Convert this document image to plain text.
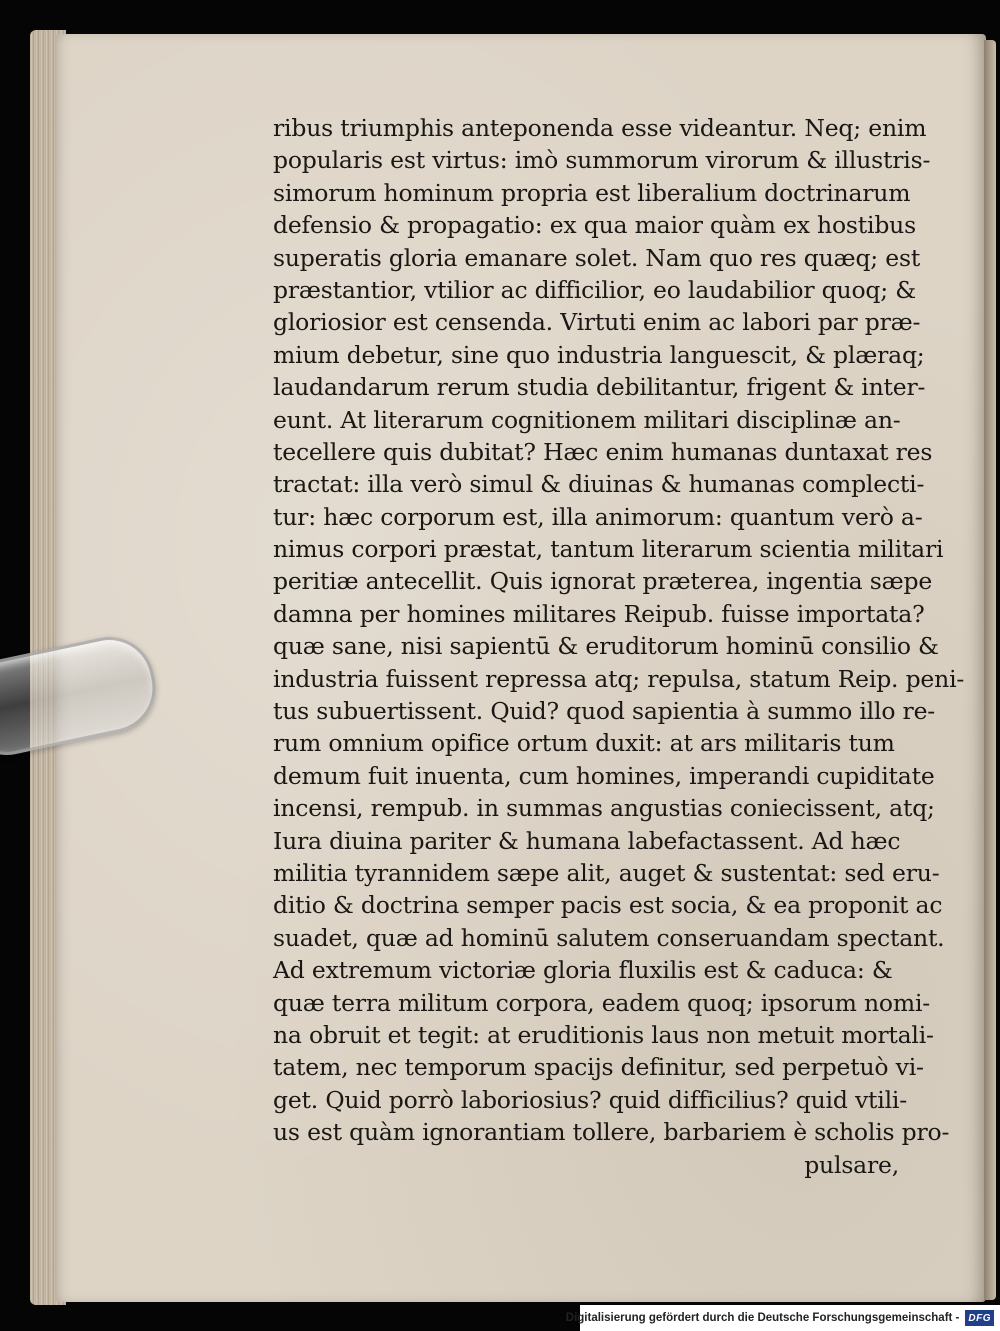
ribus triumphis anteponenda esse videantur. Neq; enim
popularis est virtus: imò summorum virorum & illustris-
simorum hominum propria est liberalium doctrinarum
defensio & propagatio: ex qua maior quàm ex hostibus
superatis gloria emanare solet. Nam quo res quæq; est
præstantior, vtilior ac difficilior, eo laudabilior quoq; &
gloriosior est censenda. Virtuti enim ac labori par præ-
mium debetur, sine quo industria languescit, & plæraq;
laudandarum rerum studia debilitantur, frigent & inter-
eunt. At literarum cognitionem militari disciplinæ an-
tecellere quis dubitat? Hæc enim humanas duntaxat res
tractat: illa verò simul & diuinas & humanas complecti-
tur: hæc corporum est, illa animorum: quantum verò a-
nimus corpori præstat, tantum literarum scientia militari
peritiæ antecellit. Quis ignorat præterea, ingentia sæpe
damna per homines militares Reipub. fuisse importata?
quæ sane, nisi sapientū & eruditorum hominū consilio &
industria fuissent repressa atq; repulsa, statum Reip. peni-
tus subuertissent. Quid? quod sapientia à summo illo re-
rum omnium opifice ortum duxit: at ars militaris tum
demum fuit inuenta, cum homines, imperandi cupiditate
incensi, rempub. in summas angustias coniecissent, atq;
Iura diuina pariter & humana labefactassent. Ad hæc
militia tyrannidem sæpe alit, auget & sustentat: sed eru-
ditio & doctrina semper pacis est socia, & ea proponit ac
suadet, quæ ad hominū salutem conseruandam spectant.
Ad extremum victoriæ gloria fluxilis est & caduca: &
quæ terra militum corpora, eadem quoq; ipsorum nomi-
na obruit et tegit: at eruditionis laus non metuit mortali-
tatem, nec temporum spacijs definitur, sed perpetuò vi-
get. Quid porrò laboriosius? quid difficilius? quid vtili-
us est quàm ignorantiam tollere, barbariem è scholis pro-
pulsare,
Digitalisierung gefördert durch die Deutsche Forschungsgemeinschaft - DFG
